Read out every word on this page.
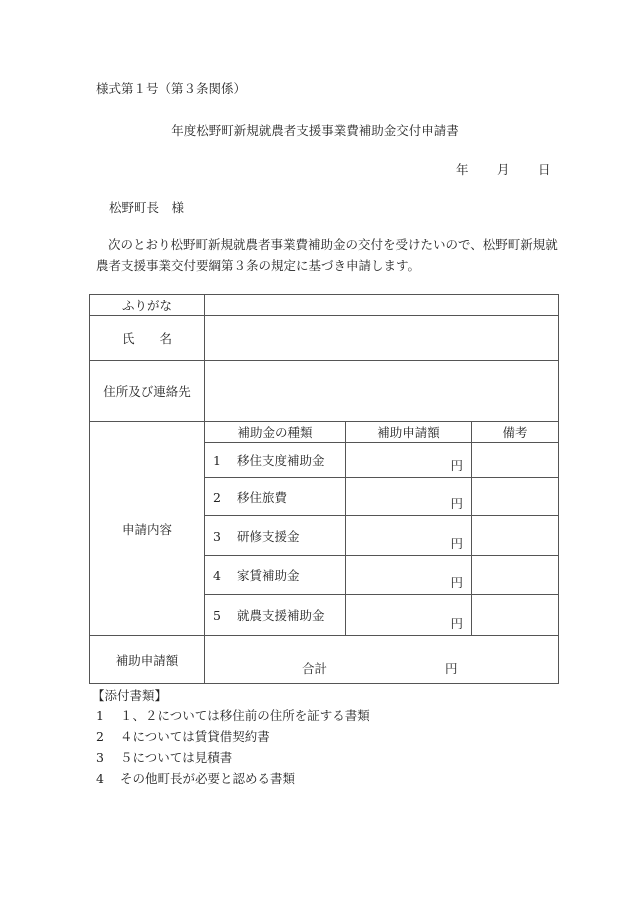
様式第１号（第３条関係）
年度松野町新規就農者支援事業費補助金交付申請書
年 月 日
松野町長　様
次のとおり松野町新規就農者事業費補助金の交付を受けたいので、松野町新規就農者支援事業交付要綱第３条の規定に基づき申請します。
ふりがな			
氏　　名			
住所及び連絡先			
申請内容	補助金の種類	補助申請額	備考
	1 移住支度補助金	円	
	2 移住旅費	円	
	3 研修支援金	円	
	4 家賃補助金	円	
	5 就農支援補助金	円	
補助申請額	合計 円		
【添付書類】
1 １、２については移住前の住所を証する書類
2 ４については賃貸借契約書
3 ５については見積書
4 その他町長が必要と認める書類
